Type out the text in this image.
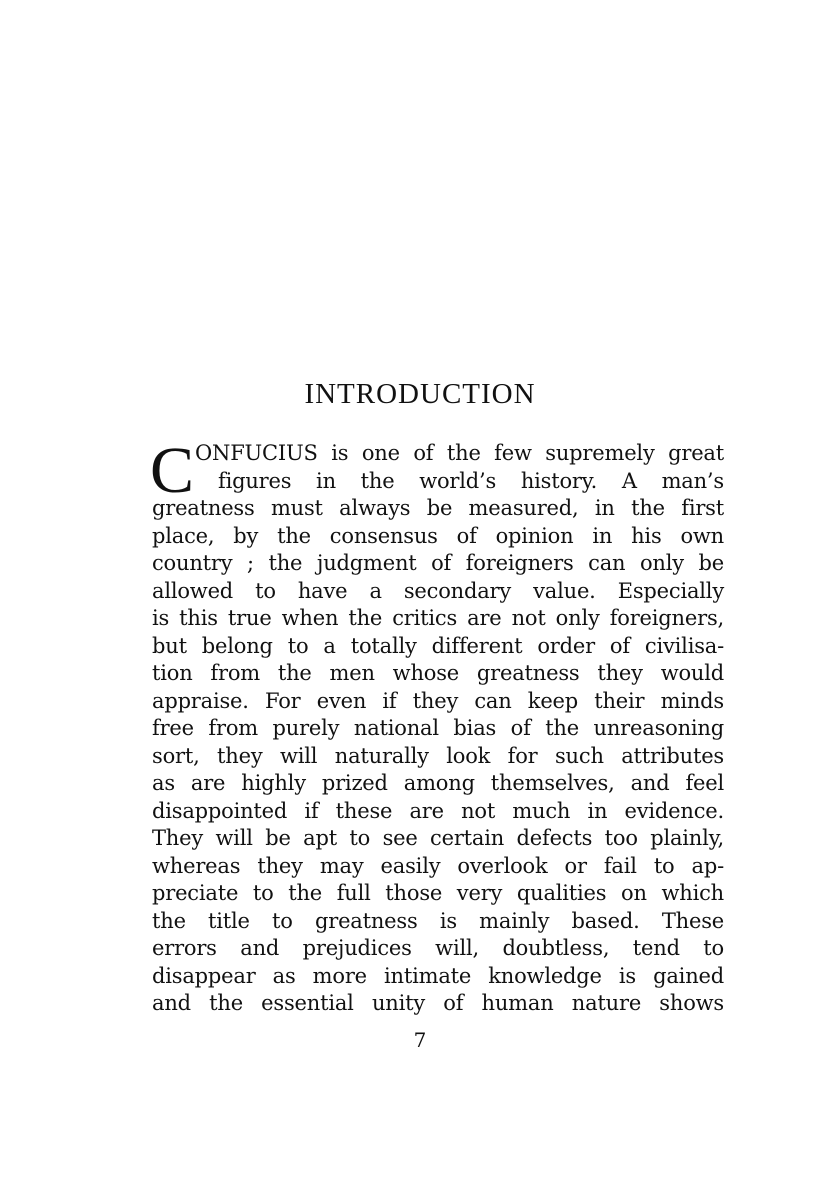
INTRODUCTION
C ONFUCIUS is one of the few supremely great
figures in the world’s history. A man’s
greatness must always be measured, in the first
place, by the consensus of opinion in his own
country ; the judgment of foreigners can only be
allowed to have a secondary value. Especially
is this true when the critics are not only foreigners,
but belong to a totally different order of civilisa-
tion from the men whose greatness they would
appraise. For even if they can keep their minds
free from purely national bias of the unreasoning
sort, they will naturally look for such attributes
as are highly prized among themselves, and feel
disappointed if these are not much in evidence.
They will be apt to see certain defects too plainly,
whereas they may easily overlook or fail to ap-
preciate to the full those very qualities on which
the title to greatness is mainly based. These
errors and prejudices will, doubtless, tend to
disappear as more intimate knowledge is gained
and the essential unity of human nature shows
7
